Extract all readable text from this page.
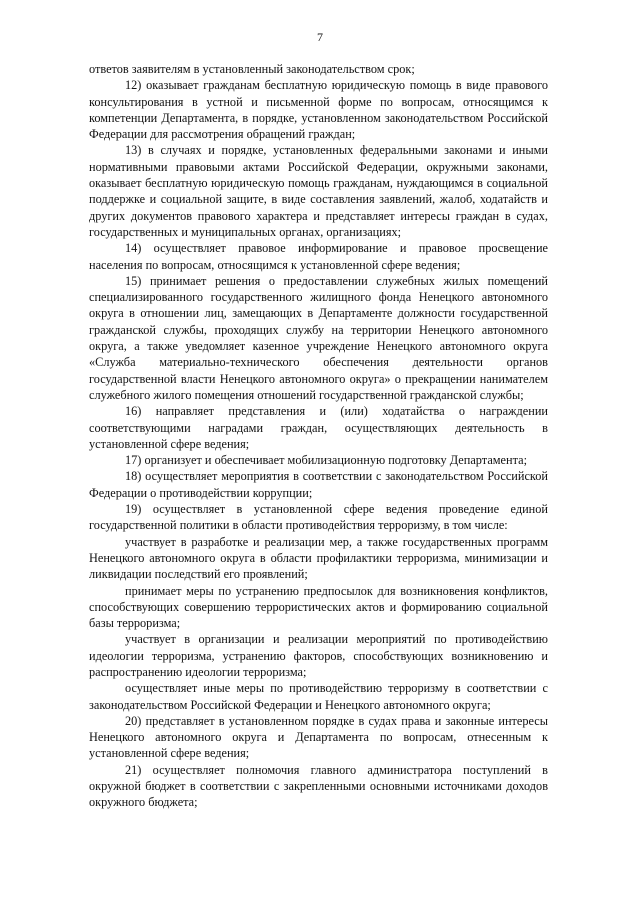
7

ответов заявителям в установленный законодательством срок;

12) оказывает гражданам бесплатную юридическую помощь в виде правового консультирования в устной и письменной форме по вопросам, относящимся к компетенции Департамента, в порядке, установленном законодательством Российской Федерации для рассмотрения обращений граждан;

13) в случаях и порядке, установленных федеральными законами и иными нормативными правовыми актами Российской Федерации, окружными законами, оказывает бесплатную юридическую помощь гражданам, нуждающимся в социальной поддержке и социальной защите, в виде составления заявлений, жалоб, ходатайств и других документов правового характера и представляет интересы граждан в судах, государственных и муниципальных органах, организациях;

14) осуществляет правовое информирование и правовое просвещение населения по вопросам, относящимся к установленной сфере ведения;

15) принимает решения о предоставлении служебных жилых помещений специализированного государственного жилищного фонда Ненецкого автономного округа в отношении лиц, замещающих в Департаменте должности государственной гражданской службы, проходящих службу на территории Ненецкого автономного округа, а также уведомляет казенное учреждение Ненецкого автономного округа «Служба материально-технического обеспечения деятельности органов государственной власти Ненецкого автономного округа» о прекращении нанимателем служебного жилого помещения отношений государственной гражданской службы;

16) направляет представления и (или) ходатайства о награждении соответствующими наградами граждан, осуществляющих деятельность в установленной сфере ведения;

17) организует и обеспечивает мобилизационную подготовку Департамента;

18) осуществляет мероприятия в соответствии с законодательством Российской Федерации о противодействии коррупции;

19) осуществляет в установленной сфере ведения проведение единой государственной политики в области противодействия терроризму, в том числе:

участвует в разработке и реализации мер, а также государственных программ Ненецкого автономного округа в области профилактики терроризма, минимизации и ликвидации последствий его проявлений;

принимает меры по устранению предпосылок для возникновения конфликтов, способствующих совершению террористических актов и формированию социальной базы терроризма;

участвует в организации и реализации мероприятий по противодействию идеологии терроризма, устранению факторов, способствующих возникновению и распространению идеологии терроризма;

осуществляет иные меры по противодействию терроризму в соответствии с законодательством Российской Федерации и Ненецкого автономного округа;

20) представляет в установленном порядке в судах права и законные интересы Ненецкого автономного округа и Департамента по вопросам, отнесенным к установленной сфере ведения;

21) осуществляет полномочия главного администратора поступлений в окружной бюджет в соответствии с закрепленными основными источниками доходов окружного бюджета;
